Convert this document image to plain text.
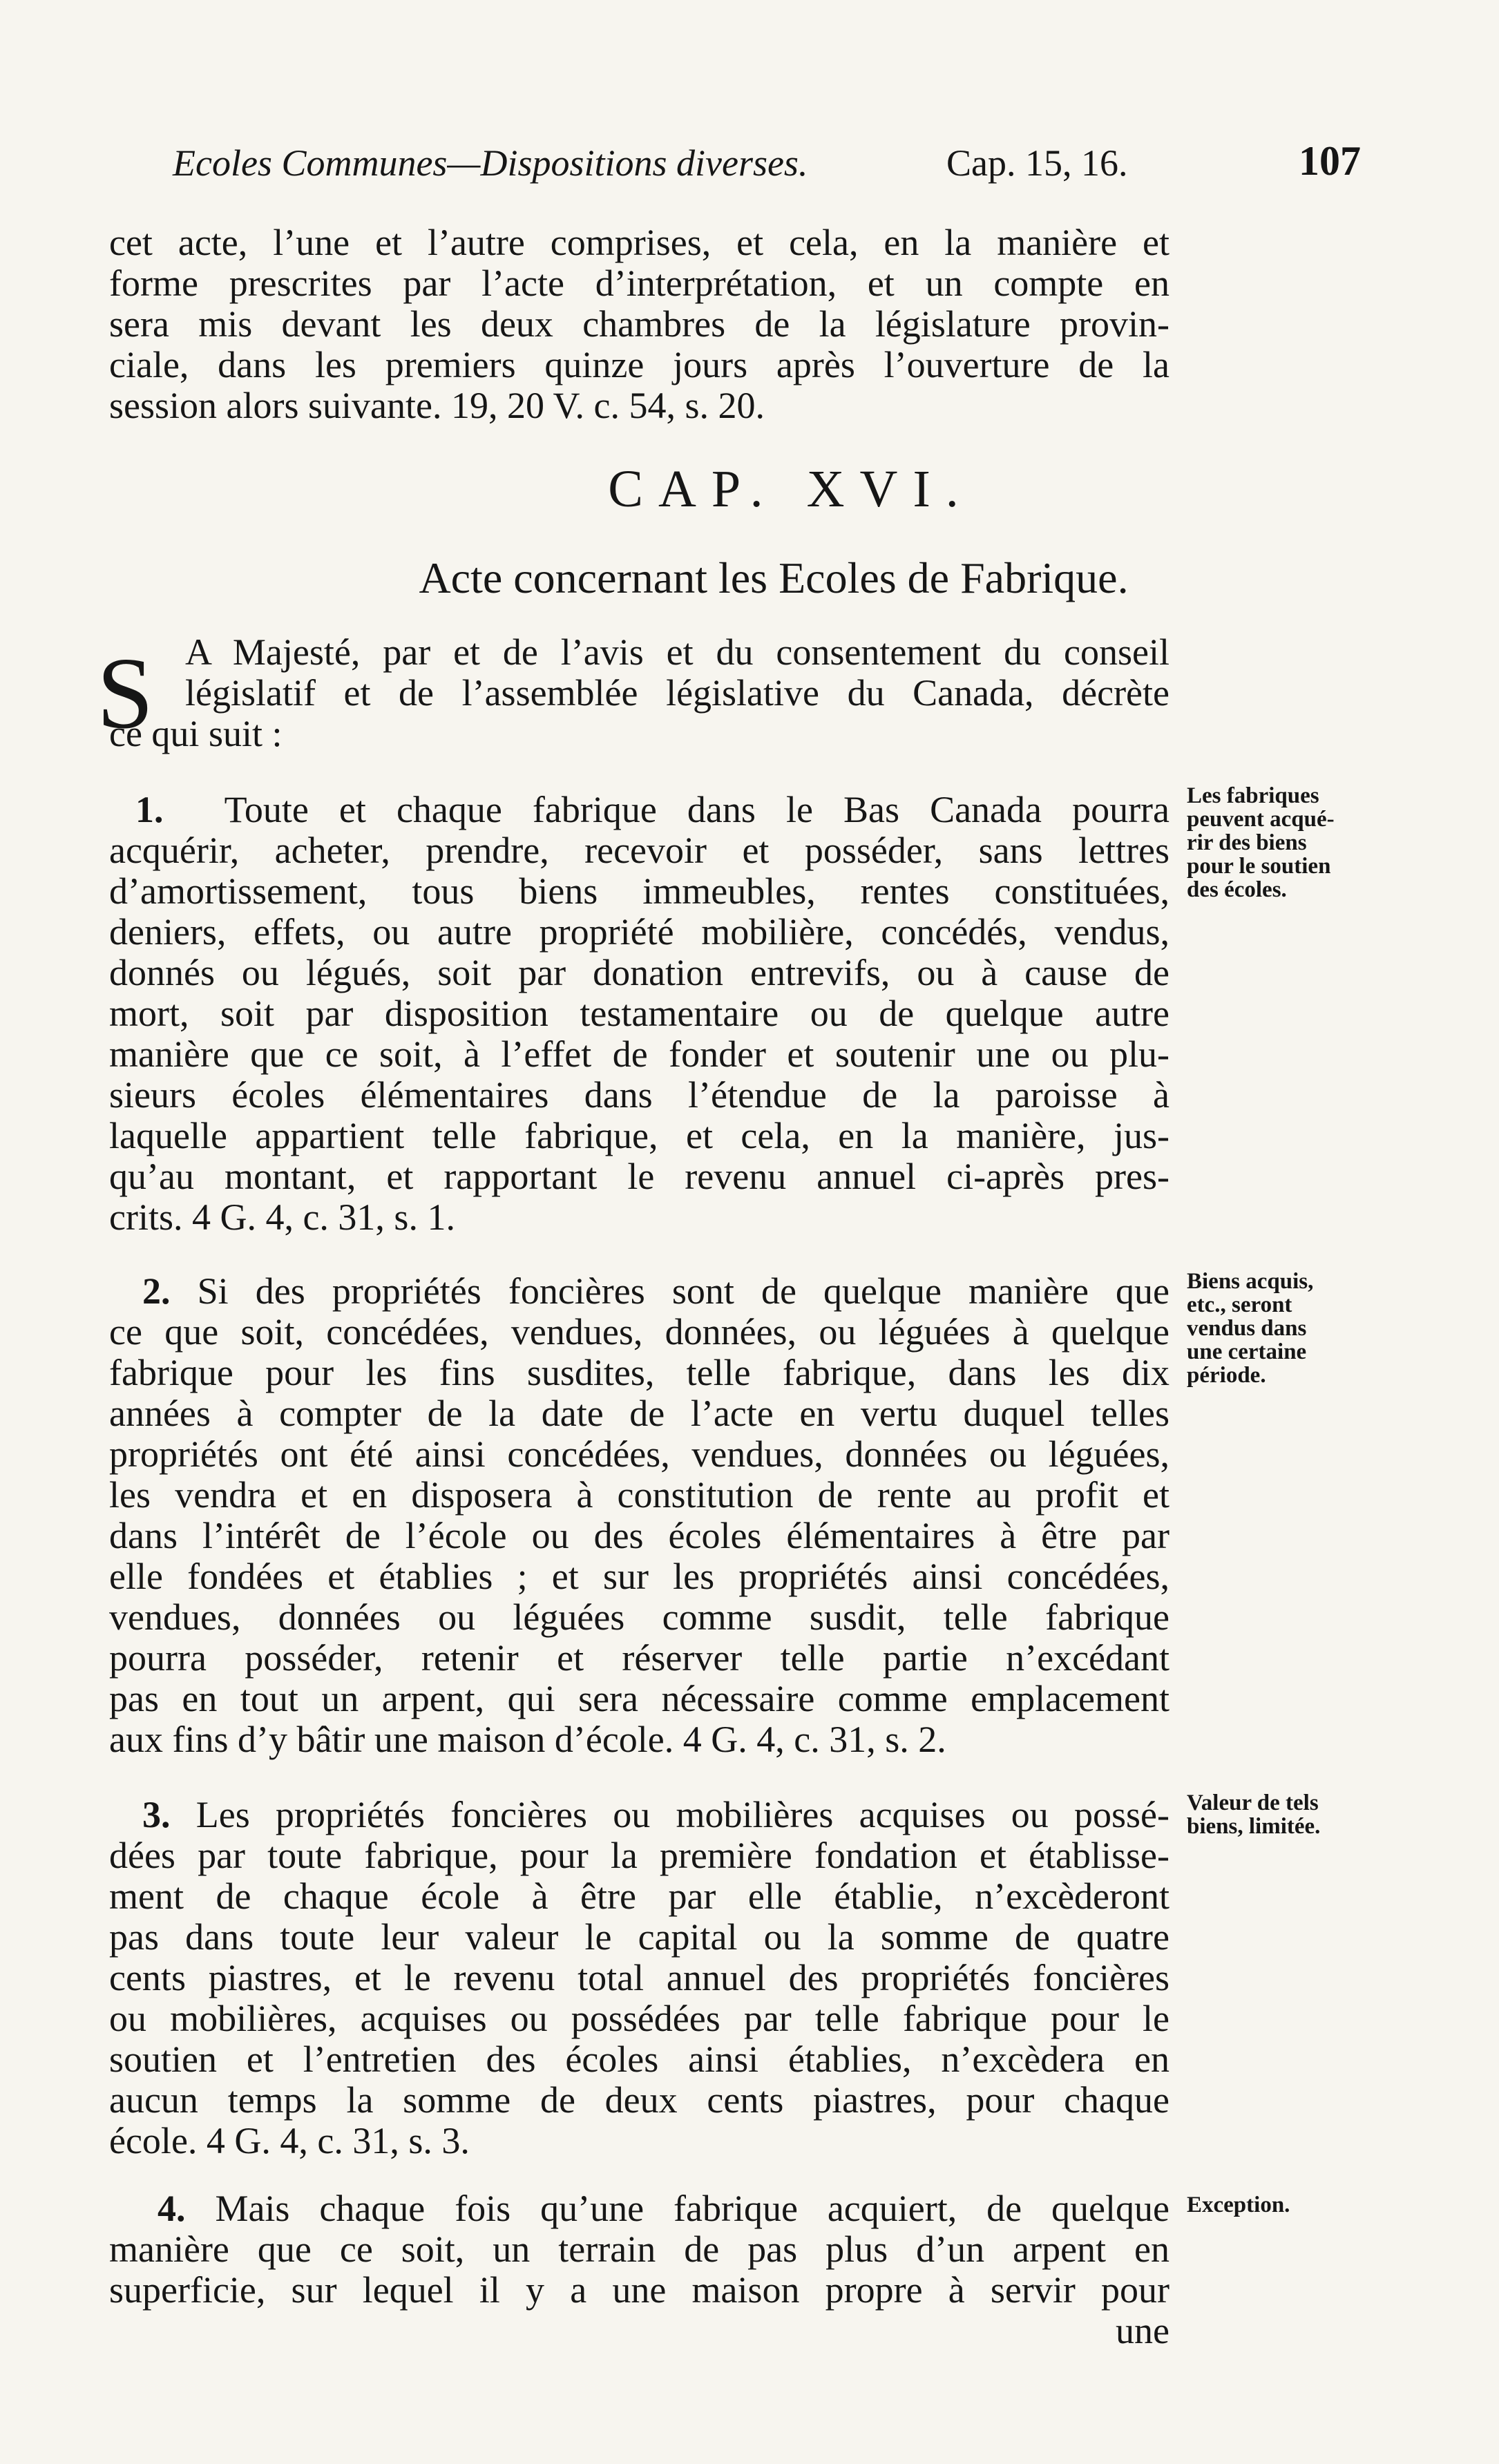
Ecoles Communes—Dispositions diverses.	Cap. 15, 16.	107
cet acte, l’une et l’autre comprises, et cela, en la manière et
forme prescrites par l’acte d’interprétation, et un compte en
sera mis devant les deux chambres de la législature provin-
ciale, dans les premiers quinze jours après l’ouverture de la
session alors suivante. 19, 20 V. c. 54, s. 20.
CAP. XVI.
Acte concernant les Ecoles de Fabrique.
S A Majesté, par et de l’avis et du consentement du conseil
législatif et de l’assemblée législative du Canada, décrète
ce qui suit :
1. Toute et chaque fabrique dans le Bas Canada pourra
acquérir, acheter, prendre, recevoir et posséder, sans lettres
d’amortissement, tous biens immeubles, rentes constituées,
deniers, effets, ou autre propriété mobilière, concédés, vendus,
donnés ou légués, soit par donation entrevifs, ou à cause de
mort, soit par disposition testamentaire ou de quelque autre
manière que ce soit, à l’effet de fonder et soutenir une ou plu-
sieurs écoles élémentaires dans l’étendue de la paroisse à
laquelle appartient telle fabrique, et cela, en la manière, jus-
qu’au montant, et rapportant le revenu annuel ci-après pres-
crits. 4 G. 4, c. 31, s. 1.
Les fabriques
peuvent acqué-
rir des biens
pour le soutien
des écoles.
2. Si des propriétés foncières sont de quelque manière que
ce que soit, concédées, vendues, données, ou léguées à quelque
fabrique pour les fins susdites, telle fabrique, dans les dix
années à compter de la date de l’acte en vertu duquel telles
propriétés ont été ainsi concédées, vendues, données ou léguées,
les vendra et en disposera à constitution de rente au profit et
dans l’intérêt de l’école ou des écoles élémentaires à être par
elle fondées et établies ; et sur les propriétés ainsi concédées,
vendues, données ou léguées comme susdit, telle fabrique
pourra posséder, retenir et réserver telle partie n’excédant
pas en tout un arpent, qui sera nécessaire comme emplacement
aux fins d’y bâtir une maison d’école. 4 G. 4, c. 31, s. 2.
Biens acquis,
etc., seront
vendus dans
une certaine
période.
3. Les propriétés foncières ou mobilières acquises ou possé-
dées par toute fabrique, pour la première fondation et établisse-
ment de chaque école à être par elle établie, n’excèderont
pas dans toute leur valeur le capital ou la somme de quatre
cents piastres, et le revenu total annuel des propriétés foncières
ou mobilières, acquises ou possédées par telle fabrique pour le
soutien et l’entretien des écoles ainsi établies, n’excèdera en
aucun temps la somme de deux cents piastres, pour chaque
école. 4 G. 4, c. 31, s. 3.
Valeur de tels
biens, limitée.
4. Mais chaque fois qu’une fabrique acquiert, de quelque
manière que ce soit, un terrain de pas plus d’un arpent en
superficie, sur lequel il y a une maison propre à servir pour
une
Exception.
